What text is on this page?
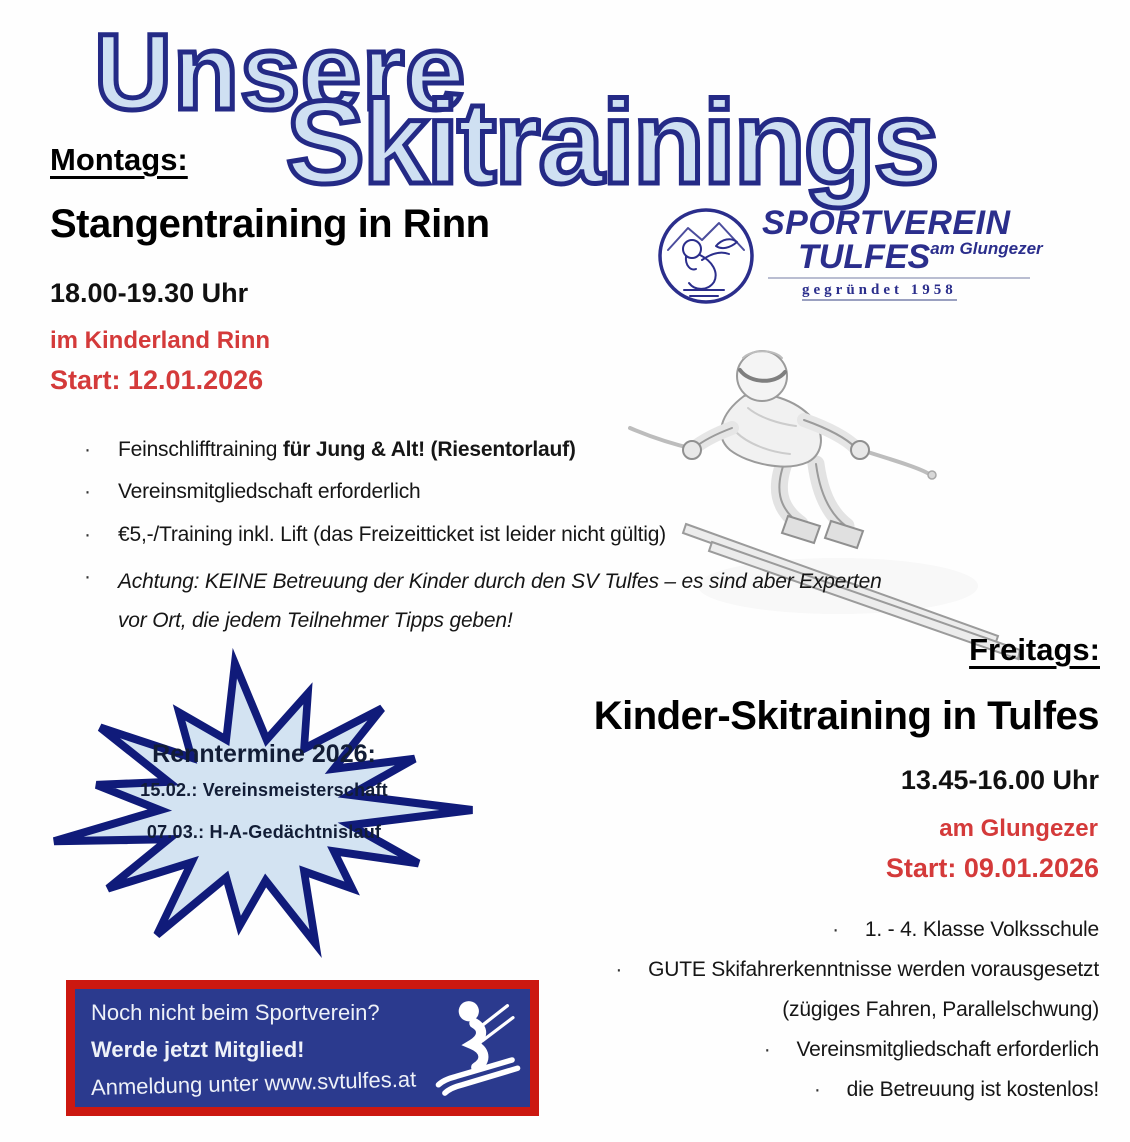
Unsere
Skitrainings
Montags:
Stangentraining in Rinn
18.00-19.30 Uhr
im Kinderland Rinn
Start: 12.01.2026
SPORTVEREIN
$TULFES^{am Glungezer}$
gegründet 1958
·	Feinschlifftraining für Jung & Alt! (Riesentorlauf)
·	Vereinsmitgliedschaft erforderlich
·	€5,-/Training inkl. Lift (das Freizeitticket ist leider nicht gültig)
·	Achtung: KEINE Betreuung der Kinder durch den SV Tulfes – es sind aber Experten
vor Ort, die jedem Teilnehmer Tipps geben!
Renntermine 2026:
15.02.: Vereinsmeisterschaft
07.03.: H-A-Gedächtnislauf
Freitags:
Kinder-Skitraining in Tulfes
13.45-16.00 Uhr
am Glungezer
Start: 09.01.2026
· 1. - 4. Klasse Volksschule
· GUTE Skifahrerkenntnisse werden vorausgesetzt
(zügiges Fahren, Parallelschwung)
· Vereinsmitgliedschaft erforderlich
· die Betreuung ist kostenlos!
Noch nicht beim Sportverein?
Werde jetzt Mitglied!
Anmeldung unter www.svtulfes.at
